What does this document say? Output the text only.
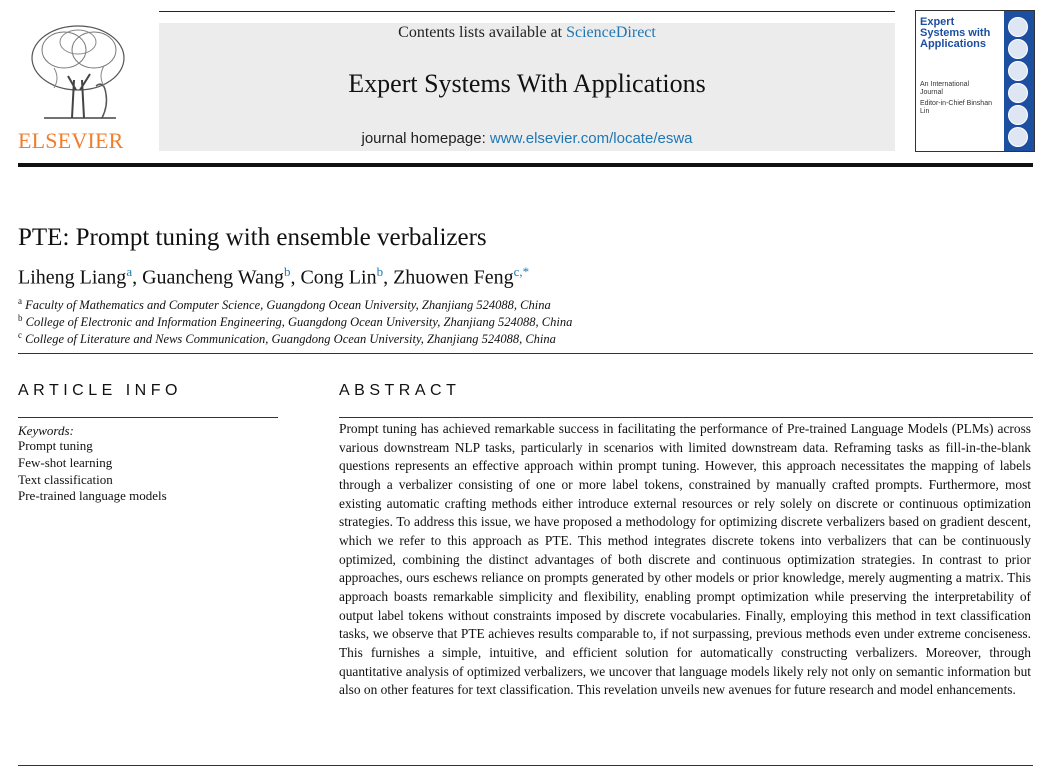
ELSEVIER
Contents lists available at ScienceDirect
Expert Systems With Applications
journal homepage: www.elsevier.com/locate/eswa
Expert Systems with Applications
An International Journal
Editor-in-Chief Binshan Lin
PTE: Prompt tuning with ensemble verbalizers
Liheng Liang$^a$, Guancheng Wang$^b$, Cong Lin$^b$, Zhuowen Feng$^{c,*}$
$^a$ Faculty of Mathematics and Computer Science, Guangdong Ocean University, Zhanjiang 524088, China
$^b$ College of Electronic and Information Engineering, Guangdong Ocean University, Zhanjiang 524088, China
$^c$ College of Literature and News Communication, Guangdong Ocean University, Zhanjiang 524088, China
ARTICLE INFO
Keywords:
Prompt tuning
Few-shot learning
Text classification
Pre-trained language models
ABSTRACT
Prompt tuning has achieved remarkable success in facilitating the performance of Pre-trained Language Models (PLMs) across various downstream NLP tasks, particularly in scenarios with limited downstream data. Reframing tasks as fill-in-the-blank questions represents an effective approach within prompt tuning. However, this approach necessitates the mapping of labels through a verbalizer consisting of one or more label tokens, constrained by manually crafted prompts. Furthermore, most existing automatic crafting methods either introduce external resources or rely solely on discrete or continuous optimization strategies. To address this issue, we have proposed a methodology for optimizing discrete verbalizers based on gradient descent, which we refer to this approach as PTE. This method integrates discrete tokens into verbalizers that can be continuously optimized, combining the distinct advantages of both discrete and continuous optimization strategies. In contrast to prior approaches, ours eschews reliance on prompts generated by other models or prior knowledge, merely augmenting a matrix. This approach boasts remarkable simplicity and flexibility, enabling prompt optimization while preserving the interpretability of output label tokens without constraints imposed by discrete vocabularies. Finally, employing this method in text classification tasks, we observe that PTE achieves results comparable to, if not surpassing, previous methods even under extreme conciseness. This furnishes a simple, intuitive, and efficient solution for automatically constructing verbalizers. Moreover, through quantitative analysis of optimized verbalizers, we uncover that language models likely rely not only on semantic information but also on other features for text classification. This revelation unveils new avenues for future research and model enhancements.
